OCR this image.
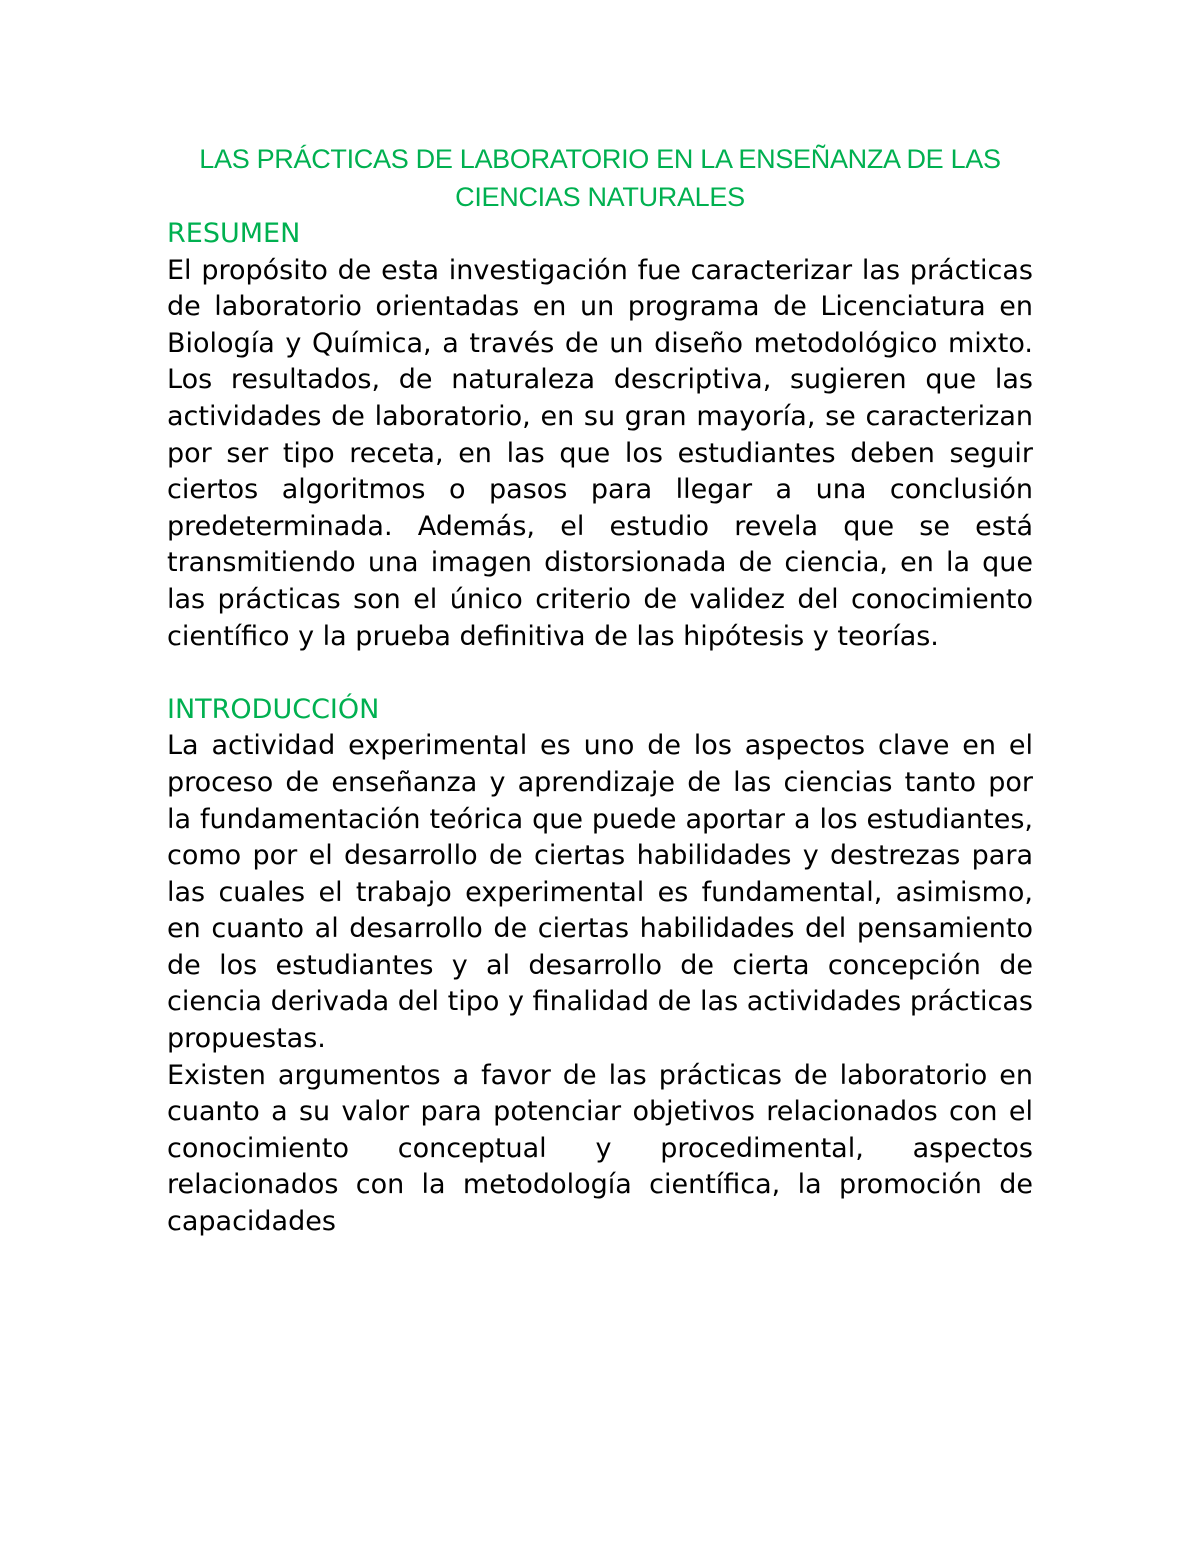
LAS PRÁCTICAS DE LABORATORIO EN LA ENSEÑANZA DE LAS
CIENCIAS NATURALES
RESUMEN

El propósito de esta investigación fue caracterizar las prácticas de laboratorio orientadas en un programa de Licenciatura en Biología y Química, a través de un diseño metodológico mixto. Los resultados, de naturaleza descriptiva, sugieren que las actividades de laboratorio, en su gran mayoría, se caracterizan por ser tipo receta, en las que los estudiantes deben seguir ciertos algoritmos o pasos para llegar a una conclusión predeterminada. Además, el estudio revela que se está transmitiendo una imagen distorsionada de ciencia, en la que las prácticas son el único criterio de validez del conocimiento científico y la prueba definitiva de las hipótesis y teorías.

INTRODUCCIÓN

La actividad experimental es uno de los aspectos clave en el proceso de enseñanza y aprendizaje de las ciencias tanto por la fundamentación teórica que puede aportar a los estudiantes, como por el desarrollo de ciertas habilidades y destrezas para las cuales el trabajo experimental es fundamental, asimismo, en cuanto al desarrollo de ciertas habilidades del pensamiento de los estudiantes y al desarrollo de cierta concepción de ciencia derivada del tipo y finalidad de las actividades prácticas propuestas.

Existen argumentos a favor de las prácticas de laboratorio en cuanto a su valor para potenciar objetivos relacionados con el conocimiento conceptual y procedimental, aspectos relacionados con la metodología científica, la promoción de capacidades
